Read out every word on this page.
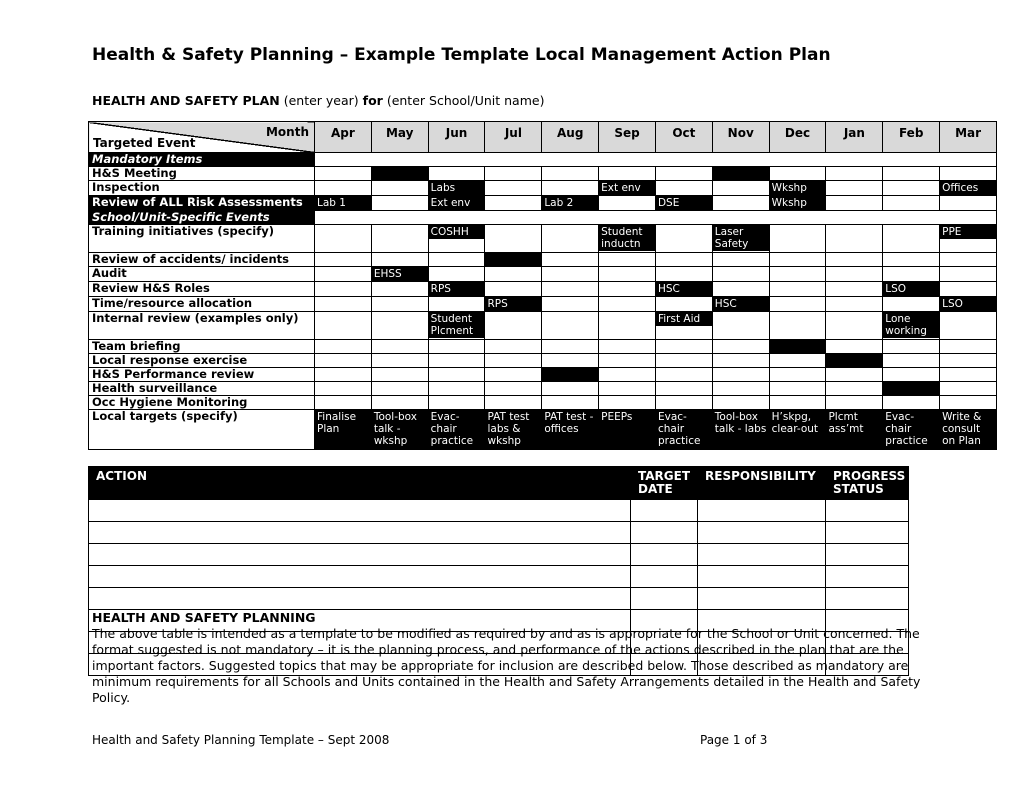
Health & Safety Planning – Example Template Local Management Action Plan
HEALTH AND SAFETY PLAN (enter year) for (enter School/Unit name)
Month
Targeted Event	Apr	May	Jun	Jul	Aug	Sep	Oct	Nov	Dec	Jan	Feb	Mar
Mandatory Items												
H&S Meeting												
Inspection			Labs			Ext env			Wkshp			Offices
Review of ALL Risk Assessments	Lab 1		Ext env		Lab 2		DSE		Wkshp			
School/Unit-Specific Events												
Training initiatives (specify)			COSHH			Student inductn		Laser Safety				PPE

Review of accidents/ incidents												
Audit		EHSS										
Review H&S Roles			RPS				HSC				LSO	
Time/resource allocation				RPS				HSC				LSO
Internal review (examples only)			Student Plcment				First Aid				Lone working	

Team briefing												
Local response exercise												
H&S Performance review												
Health surveillance												
Occ Hygiene Monitoring												
Local targets (specify)	Finalise Plan	Tool-box talk - wkshp	Evac-chair practice	PAT test labs & wkshp	PAT test - offices	PEEPs	Evac-chair practice	Tool-box talk - labs	H’skpg, clear-out	Plcmt ass’mt	Evac-chair practice	Write & consult on Plan
ACTION	TARGET DATE	RESPONSIBILITY	PROGRESS STATUS

HEALTH AND SAFETY PLANNING
The above table is intended as a template to be modified as required by and as is appropriate for the School or Unit concerned. The format suggested is not mandatory – it is the planning process, and performance of the actions described in the plan that are the important factors. Suggested topics that may be appropriate for inclusion are described below. Those described as mandatory are minimum requirements for all Schools and Units contained in the Health and Safety Arrangements detailed in the Health and Safety Policy.
Health and Safety Planning Template – Sept 2008	Page 1 of 3
